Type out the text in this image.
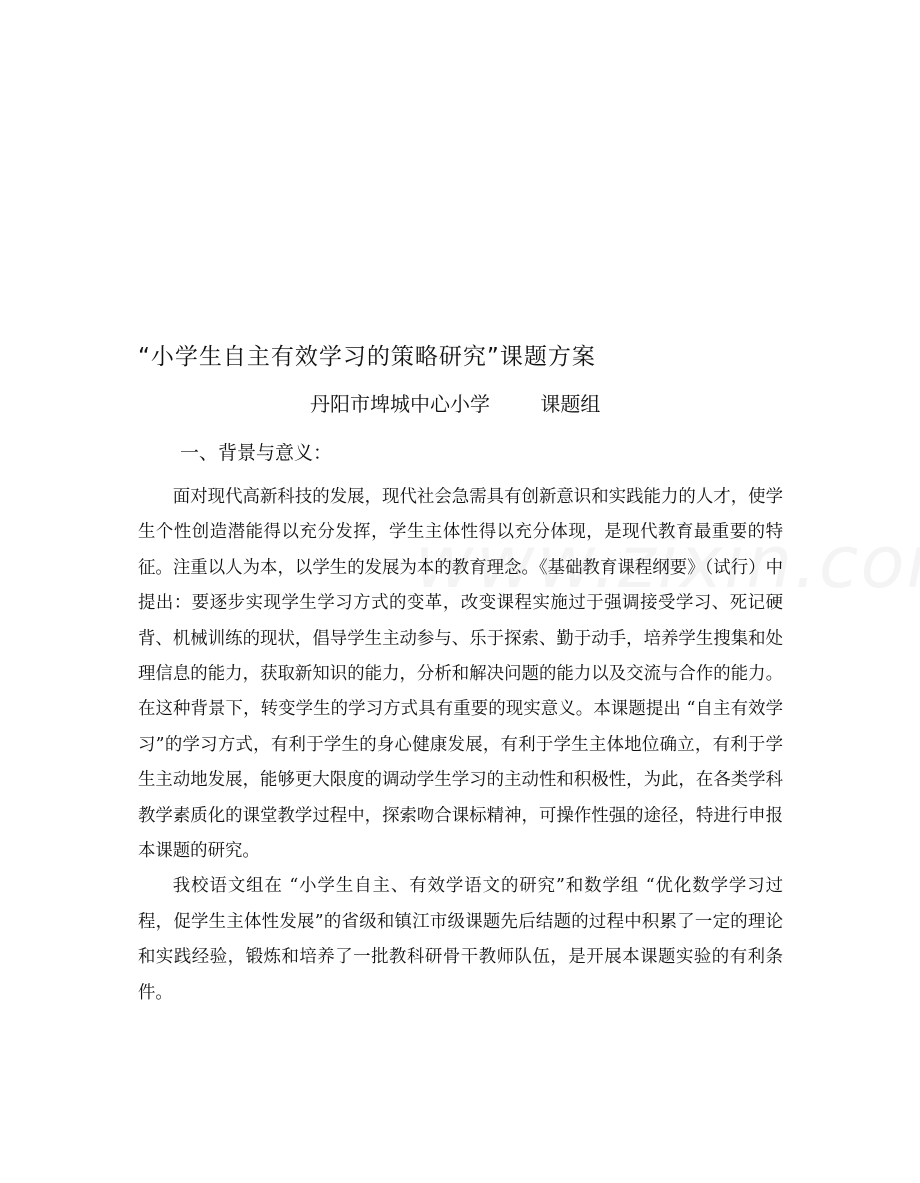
“小学生自主有效学习的策略研究”课题方案
丹阳市埤城中心小学	课题组
一、背景与意义：

面对现代高新科技的发展，现代社会急需具有创新意识和实践能力的人才，使学生个性创造潜能得以充分发挥，学生主体性得以充分体现，是现代教育最重要的特征。注重以人为本，以学生的发展为本的教育理念。《基础教育课程纲要》（试行）中提出：要逐步实现学生学习方式的变革，改变课程实施过于强调接受学习、死记硬背、机械训练的现状，倡导学生主动参与、乐于探索、勤于动手，培养学生搜集和处理信息的能力，获取新知识的能力，分析和解决问题的能力以及交流与合作的能力。在这种背景下，转变学生的学习方式具有重要的现实意义。本课题提出 “自主有效学习”的学习方式，有利于学生的身心健康发展，有利于学生主体地位确立，有利于学生主动地发展，能够更大限度的调动学生学习的主动性和积极性，为此，在各类学科教学素质化的课堂教学过程中，探索吻合课标精神，可操作性强的途径，特进行申报本课题的研究。

我校语文组在 “小学生自主、有效学语文的研究”和数学组 “优化数学学习过程，促学生主体性发展”的省级和镇江市级课题先后结题的过程中积累了一定的理论和实践经验，锻炼和培养了一批教科研骨干教师队伍，是开展本课题实验的有利条件。
